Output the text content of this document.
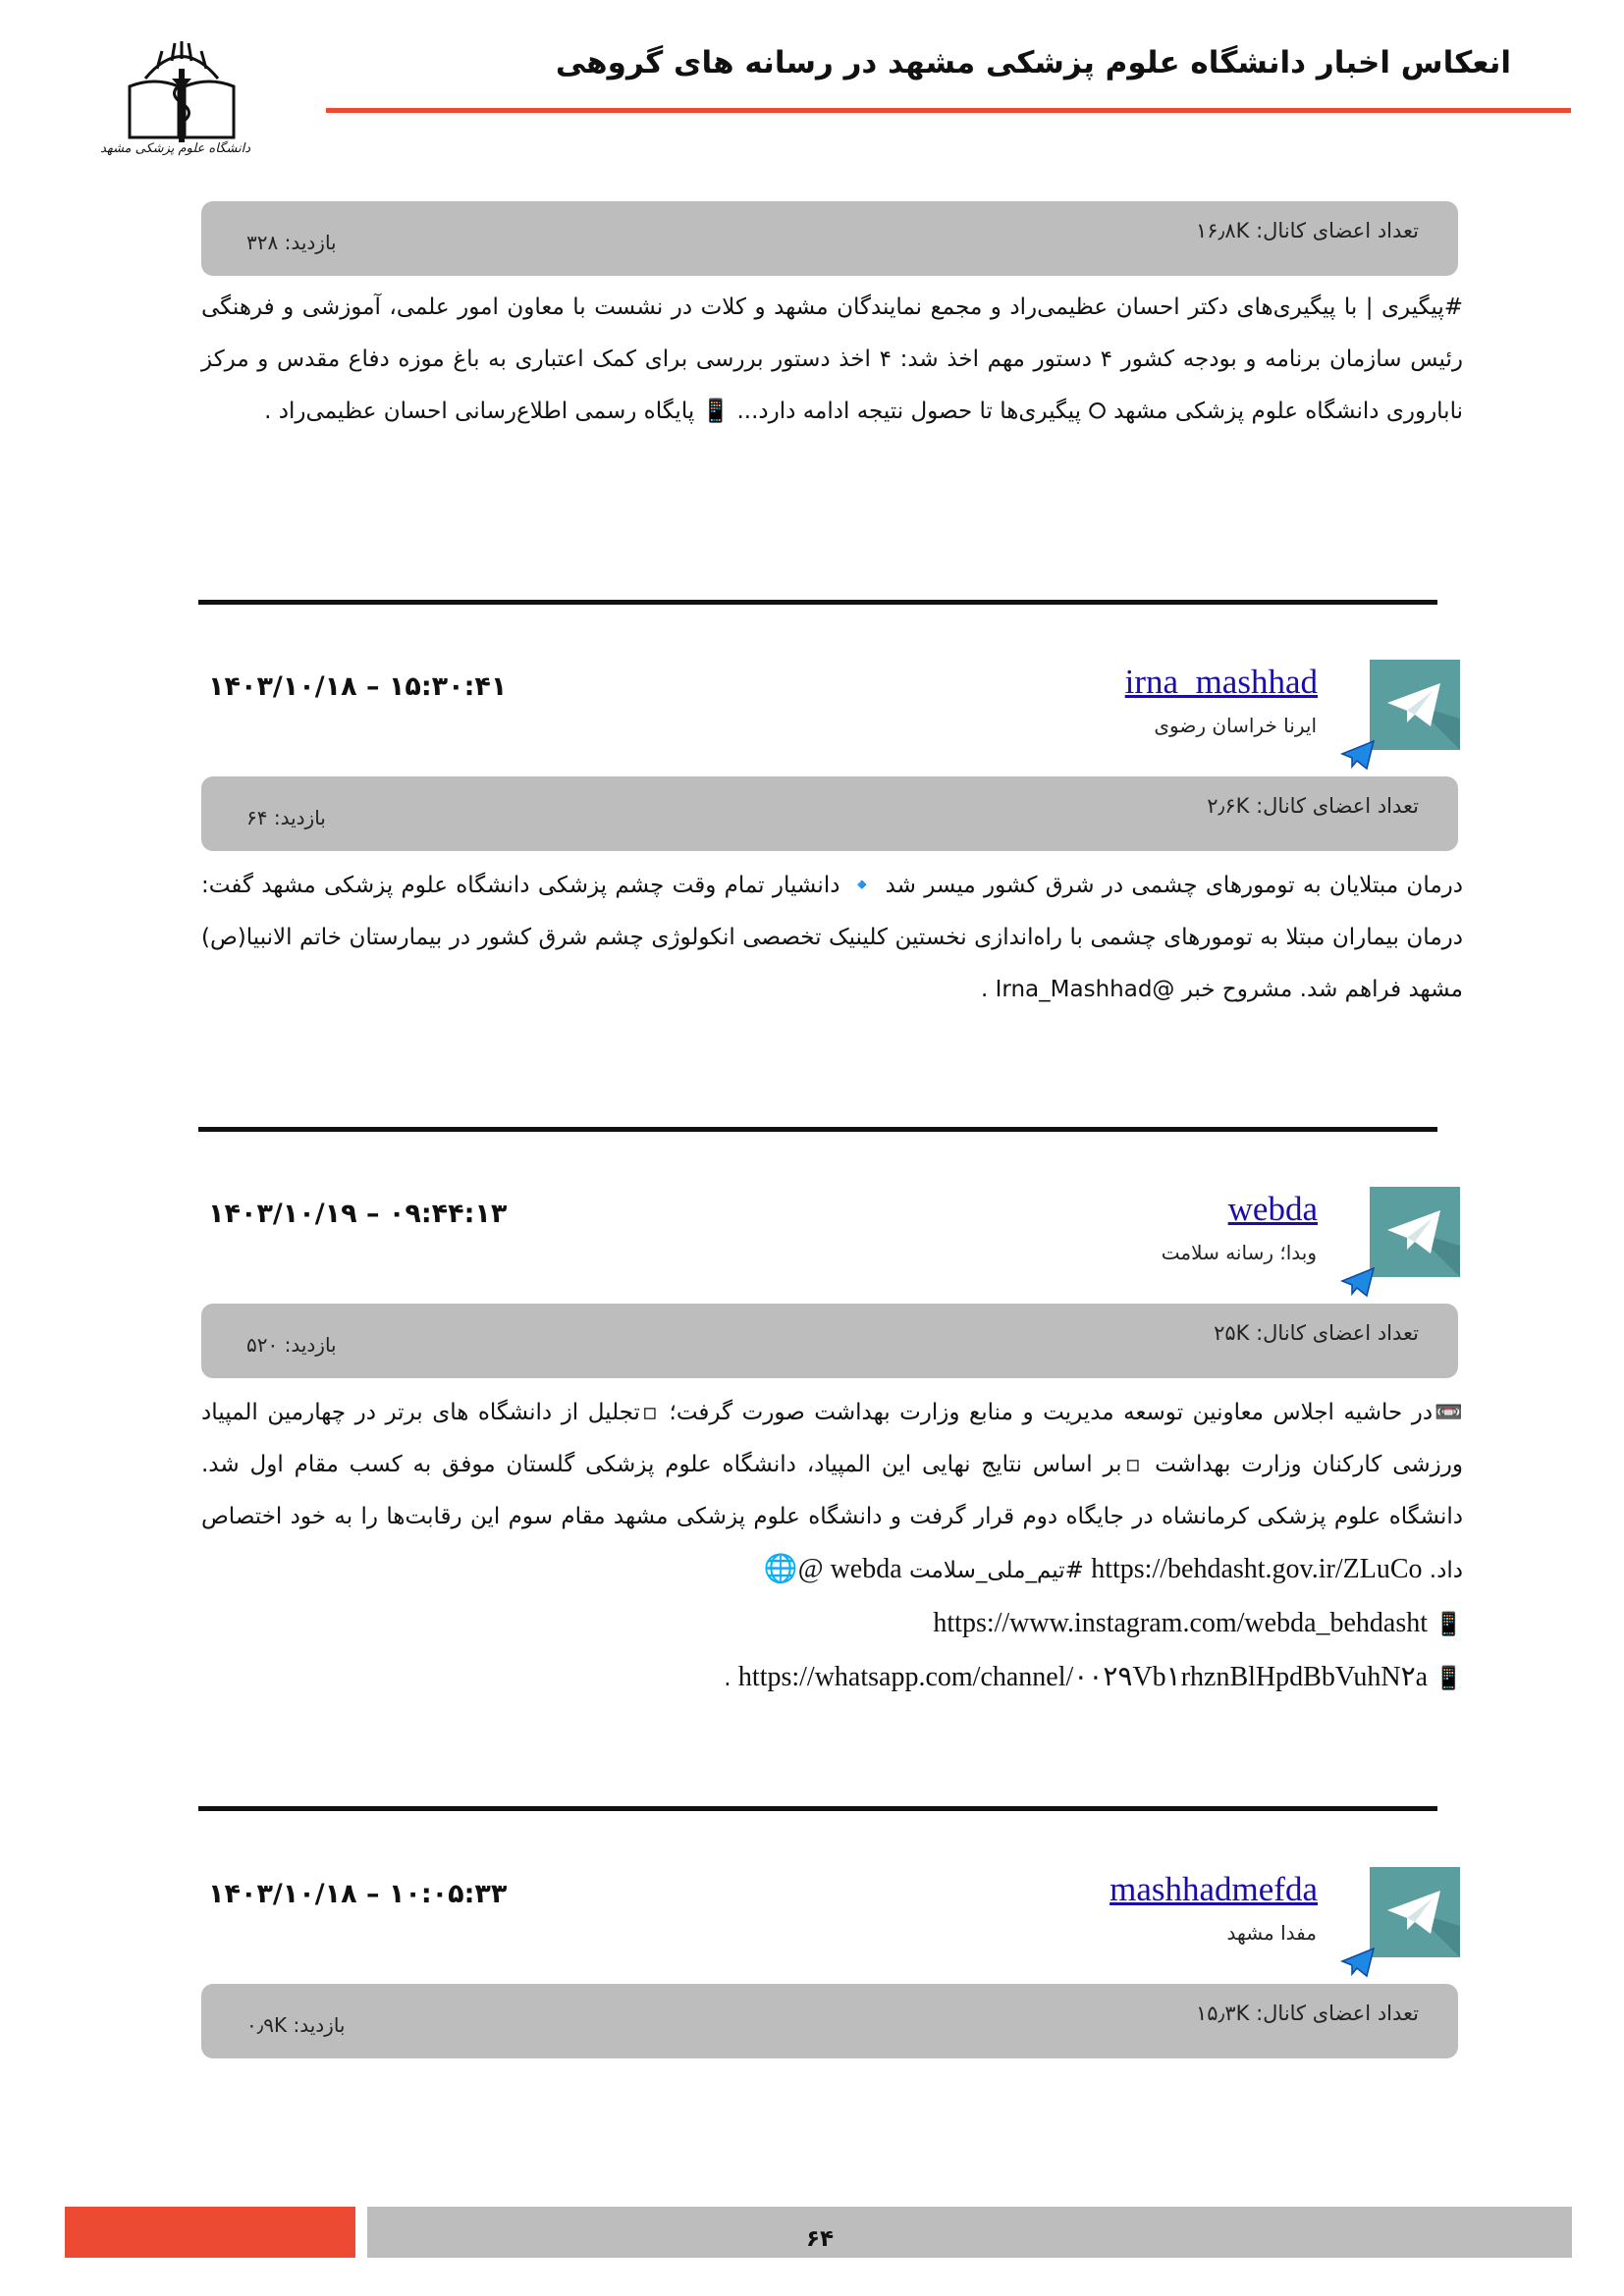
دانشگاه علوم پزشکی مشهد
انعکاس اخبار دانشگاه علوم پزشکی مشهد در رسانه های گروهی
تعداد اعضای کانال: ۱۶٫۸K
بازدید: ۳۲۸
#پیگیری | با پیگیری‌های دکتر احسان عظیمی‌راد و مجمع نمایندگان مشهد و کلات در نشست با معاون امور علمی، آموزشی و فرهنگی رئیس سازمان برنامه و بودجه کشور ۴ دستور مهم اخذ شد: ۴ اخذ دستور بررسی برای کمک اعتباری به باغ موزه دفاع مقدس و مرکز ناباروری دانشگاه علوم پزشکی مشهد ⭘ پیگیری‌ها تا حصول نتیجه ادامه دارد... 📱 پایگاه رسمی اطلاع‌رسانی احسان عظیمی‌راد .
irna_mashhad
ایرنا خراسان رضوی
۱۴۰۳/۱۰/۱۸ – ۱۵:۳۰:۴۱
تعداد اعضای کانال: ۲٫۶K
بازدید: ۶۴
درمان مبتلایان به تومورهای چشمی در شرق کشور میسر شد 🔹 دانشیار تمام وقت چشم پزشکی دانشگاه علوم پزشکی مشهد گفت: درمان بیماران مبتلا به تومورهای چشمی با راه‌اندازی نخستین کلینیک تخصصی انکولوژی چشم شرق کشور در بیمارستان خاتم الانبیا(ص) مشهد فراهم شد. مشروح خبر @Irna_Mashhad .
webda
وبدا؛ رسانه سلامت
۱۴۰۳/۱۰/۱۹ – ۰۹:۴۴:۱۳
تعداد اعضای کانال: ۲۵K
بازدید: ۵۲۰
📼در حاشیه اجلاس معاونین توسعه مدیریت و منابع وزارت بهداشت صورت گرفت؛ ▫تجلیل از دانشگاه های برتر در چهارمین المپیاد ورزشی کارکنان وزارت بهداشت ▫بر اساس نتایج نهایی این المپیاد، دانشگاه علوم پزشکی گلستان موفق به کسب مقام اول شد. دانشگاه علوم پزشکی کرمانشاه در جایگاه دوم قرار گرفت و دانشگاه علوم پزشکی مشهد مقام سوم این رقابت‌ها را به خود اختصاص داد. https://behdasht.gov.ir/ZLuCo #تیم_ملی_سلامت 🌐@ webda
📱 https://www.instagram.com/webda_behdasht
📱 https://whatsapp.com/channel/۰۰۲۹Vb۱rhznBlHpdBbVuhN۲a .
mashhadmefda
مفدا مشهد
۱۴۰۳/۱۰/۱۸ – ۱۰:۰۵:۳۳
تعداد اعضای کانال: ۱۵٫۳K
بازدید: ۰٫۹K
۶۴
